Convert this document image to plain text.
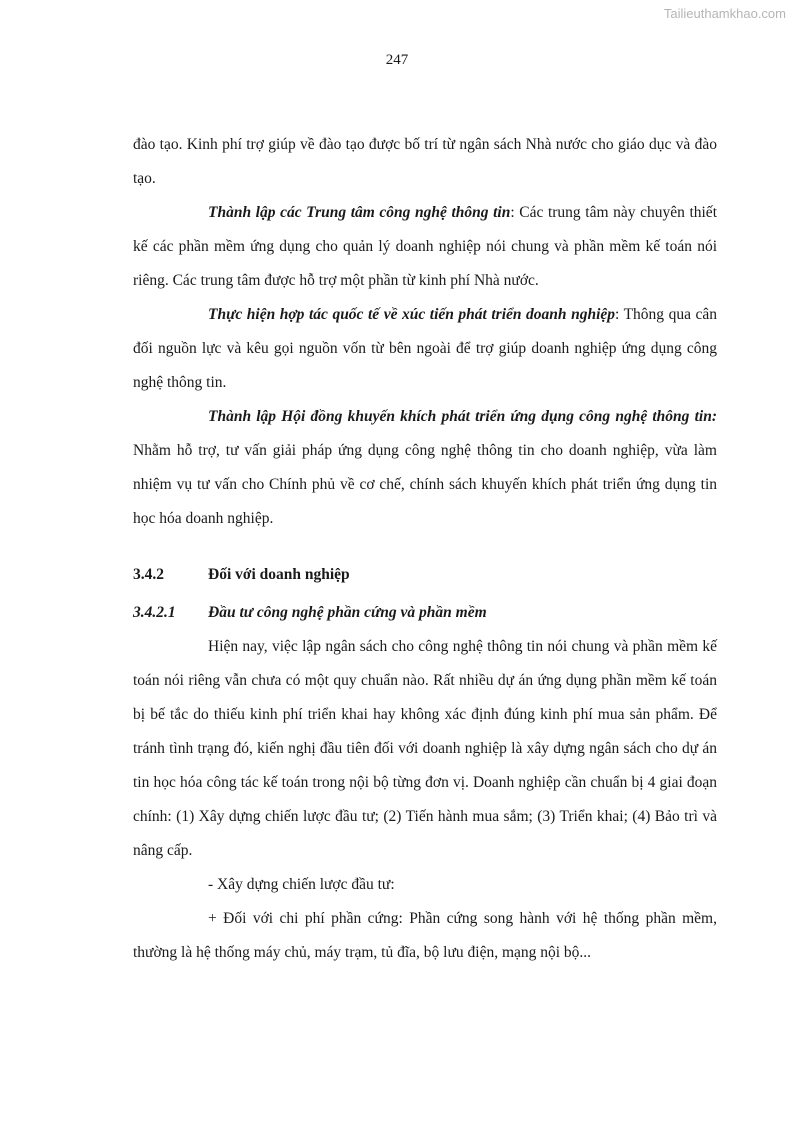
Tailieuthamkhao.com
247

đào tạo. Kinh phí trợ giúp về đào tạo được bố trí từ ngân sách Nhà nước cho giáo dục và đào tạo.

Thành lập các Trung tâm công nghệ thông tin: Các trung tâm này chuyên thiết kế các phần mềm ứng dụng cho quản lý doanh nghiệp nói chung và phần mềm kế toán nói riêng. Các trung tâm được hỗ trợ một phần từ kinh phí Nhà nước.

Thực hiện hợp tác quốc tế về xúc tiến phát triển doanh nghiệp: Thông qua cân đối nguồn lực và kêu gọi nguồn vốn từ bên ngoài để trợ giúp doanh nghiệp ứng dụng công nghệ thông tin.

Thành lập Hội đồng khuyến khích phát triển ứng dụng công nghệ thông tin: Nhằm hỗ trợ, tư vấn giải pháp ứng dụng công nghệ thông tin cho doanh nghiệp, vừa làm nhiệm vụ tư vấn cho Chính phủ về cơ chế, chính sách khuyến khích phát triển ứng dụng tin học hóa doanh nghiệp.

3.4.2	Đối với doanh nghiệp
3.4.2.1	Đầu tư công nghệ phần cứng và phần mềm

Hiện nay, việc lập ngân sách cho công nghệ thông tin nói chung và phần mềm kế toán nói riêng vẫn chưa có một quy chuẩn nào. Rất nhiều dự án ứng dụng phần mềm kế toán bị bế tắc do thiếu kinh phí triển khai hay không xác định đúng kinh phí mua sản phẩm. Để tránh tình trạng đó, kiến nghị đầu tiên đối với doanh nghiệp là xây dựng ngân sách cho dự án tin học hóa công tác kế toán trong nội bộ từng đơn vị. Doanh nghiệp cần chuẩn bị 4 giai đoạn chính: (1) Xây dựng chiến lược đầu tư; (2) Tiến hành mua sắm; (3) Triển khai; (4) Bảo trì và nâng cấp.

- Xây dựng chiến lược đầu tư:

+ Đối với chi phí phần cứng: Phần cứng song hành với hệ thống phần mềm, thường là hệ thống máy chủ, máy trạm, tủ đĩa, bộ lưu điện, mạng nội bộ...
